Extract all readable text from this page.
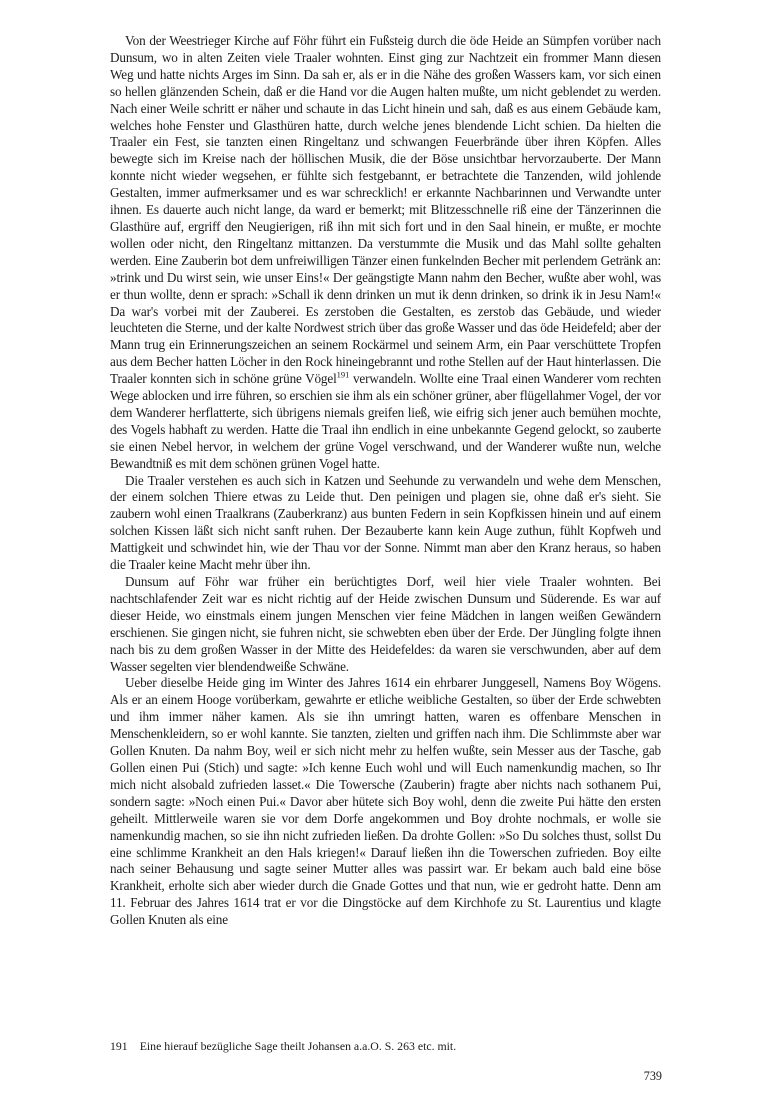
Von der Weestrieger Kirche auf Föhr führt ein Fußsteig durch die öde Heide an Sümpfen vorüber nach Dunsum, wo in alten Zeiten viele Traaler wohnten. Einst ging zur Nachtzeit ein frommer Mann diesen Weg und hatte nichts Arges im Sinn. Da sah er, als er in die Nähe des großen Wassers kam, vor sich einen so hellen glänzenden Schein, daß er die Hand vor die Augen halten mußte, um nicht geblendet zu werden. Nach einer Weile schritt er näher und schaute in das Licht hinein und sah, daß es aus einem Gebäude kam, welches hohe Fenster und Glasthüren hatte, durch welche jenes blendende Licht schien. Da hielten die Traaler ein Fest, sie tanzten einen Ringeltanz und schwangen Feuerbrände über ihren Köpfen. Alles bewegte sich im Kreise nach der höllischen Musik, die der Böse unsichtbar hervorzauberte. Der Mann konnte nicht wieder wegsehen, er fühlte sich festgebannt, er betrachtete die Tanzenden, wild johlende Gestalten, immer aufmerksamer und es war schrecklich! er erkannte Nachbarinnen und Verwandte unter ihnen. Es dauerte auch nicht lange, da ward er bemerkt; mit Blitzesschnelle riß eine der Tänzerinnen die Glasthüre auf, ergriff den Neugierigen, riß ihn mit sich fort und in den Saal hinein, er mußte, er mochte wollen oder nicht, den Ringeltanz mittanzen. Da verstummte die Musik und das Mahl sollte gehalten werden. Eine Zauberin bot dem unfreiwilligen Tänzer einen funkelnden Becher mit perlendem Getränk an: »trink und Du wirst sein, wie unser Eins!« Der geängstigte Mann nahm den Becher, wußte aber wohl, was er thun wollte, denn er sprach: »Schall ik denn drinken un mut ik denn drinken, so drink ik in Jesu Nam!« Da war's vorbei mit der Zauberei. Es zerstoben die Gestalten, es zerstob das Gebäude, und wieder leuchteten die Sterne, und der kalte Nordwest strich über das große Wasser und das öde Heidefeld; aber der Mann trug ein Erinnerungszeichen an seinem Rockärmel und seinem Arm, ein Paar verschüttete Tropfen aus dem Becher hatten Löcher in den Rock hineingebrannt und rothe Stellen auf der Haut hinterlassen. Die Traaler konnten sich in schöne grüne Vögel$^{191}$ verwandeln. Wollte eine Traal einen Wanderer vom rechten Wege ablocken und irre führen, so erschien sie ihm als ein schöner grüner, aber flügellahmer Vogel, der vor dem Wanderer herflatterte, sich übrigens niemals greifen ließ, wie eifrig sich jener auch bemühen mochte, des Vogels habhaft zu werden. Hatte die Traal ihn endlich in eine unbekannte Gegend gelockt, so zauberte sie einen Nebel hervor, in welchem der grüne Vogel verschwand, und der Wanderer wußte nun, welche Bewandtniß es mit dem schönen grünen Vogel hatte.

Die Traaler verstehen es auch sich in Katzen und Seehunde zu verwandeln und wehe dem Menschen, der einem solchen Thiere etwas zu Leide thut. Den peinigen und plagen sie, ohne daß er's sieht. Sie zaubern wohl einen Traalkrans (Zauberkranz) aus bunten Federn in sein Kopfkissen hinein und auf einem solchen Kissen läßt sich nicht sanft ruhen. Der Bezauberte kann kein Auge zuthun, fühlt Kopfweh und Mattigkeit und schwindet hin, wie der Thau vor der Sonne. Nimmt man aber den Kranz heraus, so haben die Traaler keine Macht mehr über ihn.

Dunsum auf Föhr war früher ein berüchtigtes Dorf, weil hier viele Traaler wohnten. Bei nachtschlafender Zeit war es nicht richtig auf der Heide zwischen Dunsum und Süderende. Es war auf dieser Heide, wo einstmals einem jungen Menschen vier feine Mädchen in langen weißen Gewändern erschienen. Sie gingen nicht, sie fuhren nicht, sie schwebten eben über der Erde. Der Jüngling folgte ihnen nach bis zu dem großen Wasser in der Mitte des Heidefeldes: da waren sie verschwunden, aber auf dem Wasser segelten vier blendendweiße Schwäne.

Ueber dieselbe Heide ging im Winter des Jahres 1614 ein ehrbarer Junggesell, Namens Boy Wögens. Als er an einem Hooge vorüberkam, gewahrte er etliche weibliche Gestalten, so über der Erde schwebten und ihm immer näher kamen. Als sie ihn umringt hatten, waren es offenbare Menschen in Menschenkleidern, so er wohl kannte. Sie tanzten, zielten und griffen nach ihm. Die Schlimmste aber war Gollen Knuten. Da nahm Boy, weil er sich nicht mehr zu helfen wußte, sein Messer aus der Tasche, gab Gollen einen Pui (Stich) und sagte: »Ich kenne Euch wohl und will Euch namenkundig machen, so Ihr mich nicht alsobald zufrieden lasset.« Die Towersche (Zauberin) fragte aber nichts nach sothanem Pui, sondern sagte: »Noch einen Pui.« Davor aber hütete sich Boy wohl, denn die zweite Pui hätte den ersten geheilt. Mittlerweile waren sie vor dem Dorfe angekommen und Boy drohte nochmals, er wolle sie namenkundig machen, so sie ihn nicht zufrieden ließen. Da drohte Gollen: »So Du solches thust, sollst Du eine schlimme Krankheit an den Hals kriegen!« Darauf ließen ihn die Towerschen zufrieden. Boy eilte nach seiner Behausung und sagte seiner Mutter alles was passirt war. Er bekam auch bald eine böse Krankheit, erholte sich aber wieder durch die Gnade Gottes und that nun, wie er gedroht hatte. Denn am 11. Februar des Jahres 1614 trat er vor die Dingstöcke auf dem Kirchhofe zu St. Laurentius und klagte Gollen Knuten als eine

191 Eine hierauf bezügliche Sage theilt Johansen a.a.O. S. 263 etc. mit.
739
